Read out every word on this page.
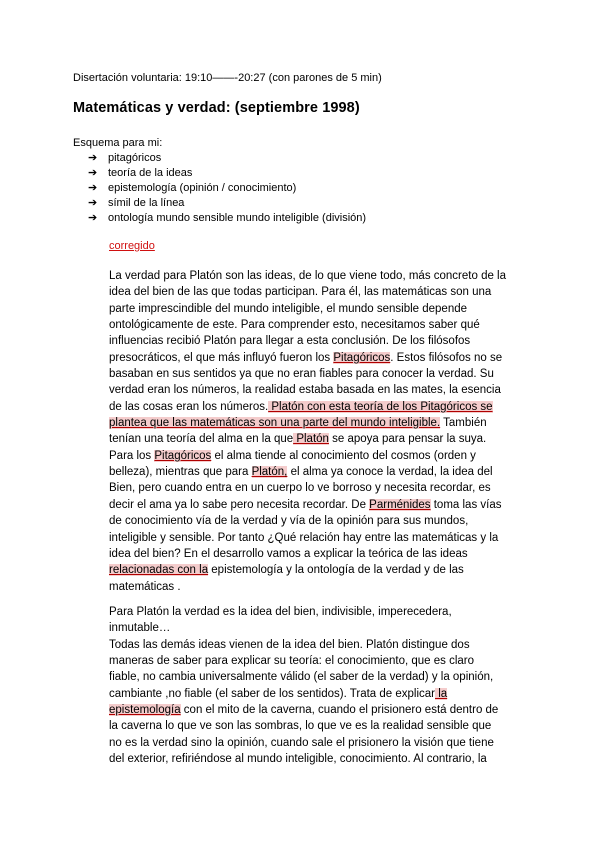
Disertación voluntaria: 19:10——-20:27 (con parones de 5 min)
Matemáticas y verdad: (septiembre 1998)
Esquema para mi:
➔ pitagóricos
➔ teoría de la ideas
➔ epistemología (opinión / conocimiento)
➔ símil de la línea
➔ ontología mundo sensible mundo inteligible (división)
corregido
La verdad para Platón son las ideas, de lo que viene todo, más concreto de la
idea del bien de las que todas participan. Para él, las matemáticas son una
parte imprescindible del mundo inteligible, el mundo sensible depende
ontológicamente de este. Para comprender esto, necesitamos saber qué
influencias recibió Platón para llegar a esta conclusión. De los filósofos
presocráticos, el que más influyó fueron los Pitagóricos. Estos filósofos no se
basaban en sus sentidos ya que no eran fiables para conocer la verdad. Su
verdad eran los números, la realidad estaba basada en las mates, la esencia
de las cosas eran los números. Platón con esta teoría de los Pitagóricos se
plantea que las matemáticas son una parte del mundo inteligible. También
tenían una teoría del alma en la que Platón se apoya para pensar la suya.
Para los Pitagóricos el alma tiende al conocimiento del cosmos (orden y
belleza), mientras que para Platón, el alma ya conoce la verdad, la idea del
Bien, pero cuando entra en un cuerpo lo ve borroso y necesita recordar, es
decir el ama ya lo sabe pero necesita recordar. De Parménides toma las vías
de conocimiento vía de la verdad y vía de la opinión para sus mundos,
inteligible y sensible. Por tanto ¿Qué relación hay entre las matemáticas y la
idea del bien? En el desarrollo vamos a explicar la teórica de las ideas
relacionadas con la epistemología y la ontología de la verdad y de las
matemáticas .
Para Platón la verdad es la idea del bien, indivisible, imperecedera,
inmutable…
Todas las demás ideas vienen de la idea del bien. Platón distingue dos
maneras de saber para explicar su teoría: el conocimiento, que es claro
fiable, no cambia universalmente válido (el saber de la verdad) y la opinión,
cambiante ,no fiable (el saber de los sentidos). Trata de explicar la
epistemología con el mito de la caverna, cuando el prisionero está dentro de
la caverna lo que ve son las sombras, lo que ve es la realidad sensible que
no es la verdad sino la opinión, cuando sale el prisionero la visión que tiene
del exterior, refiriéndose al mundo inteligible, conocimiento. Al contrario, la
